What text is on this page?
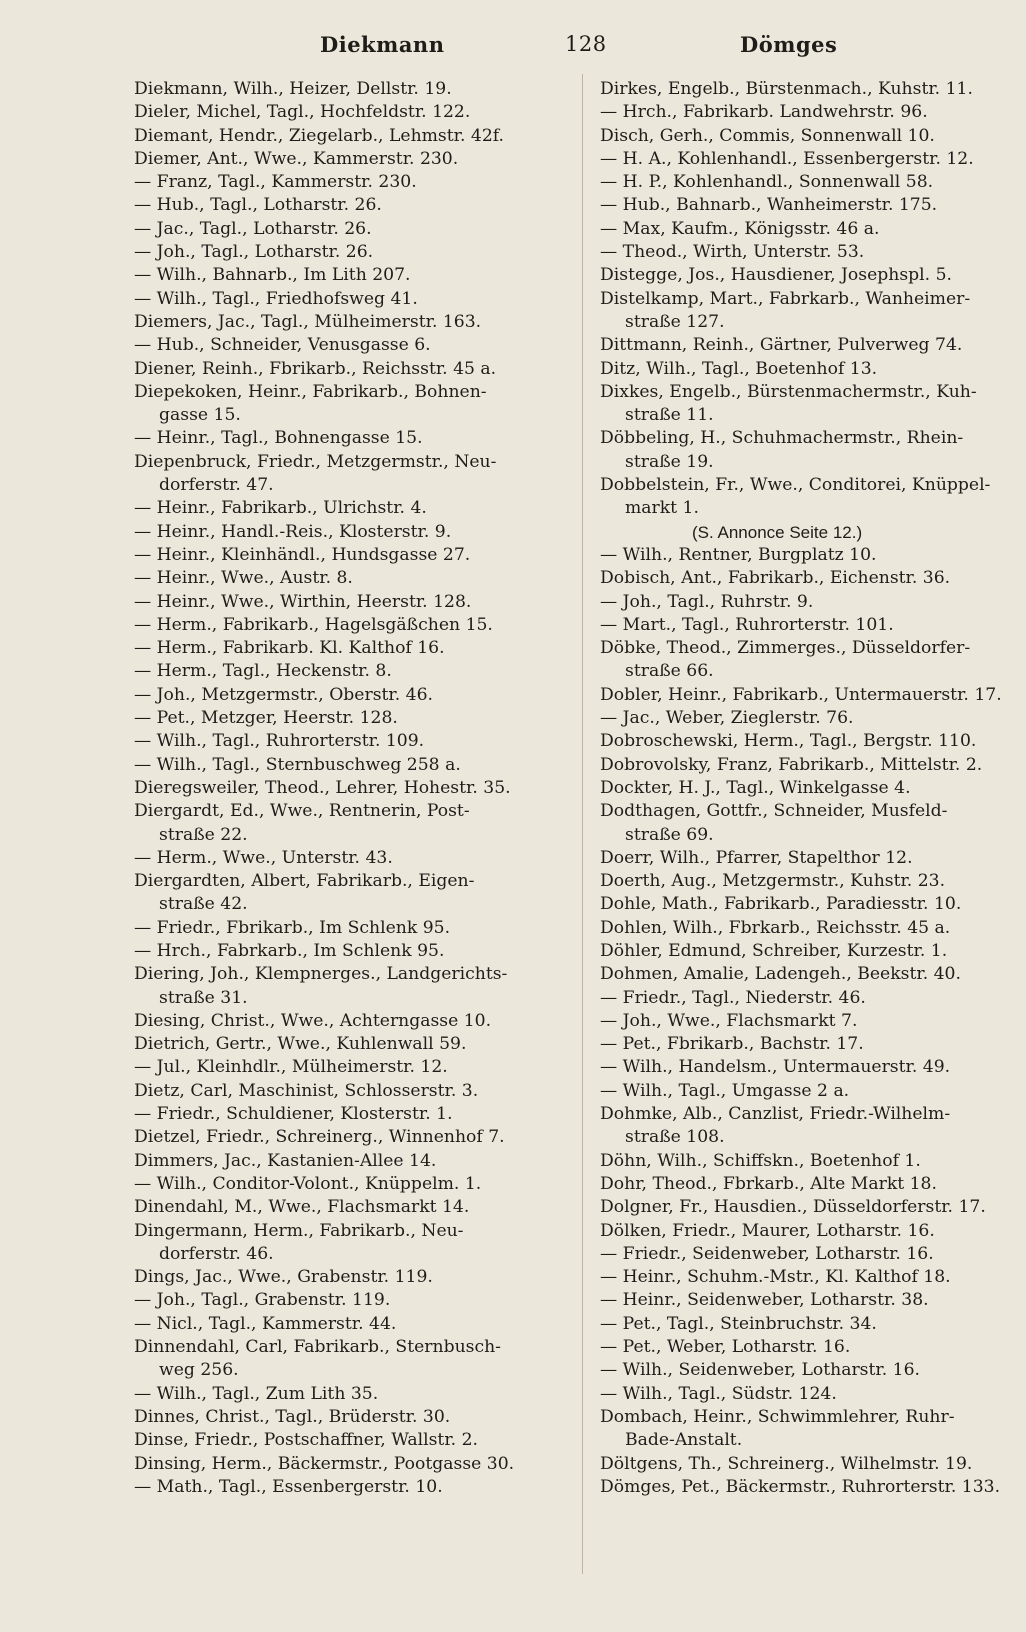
Diekmann	128	Dömges
Diekmann, Wilh., Heizer, Dellstr. 19.
Dieler, Michel, Tagl., Hochfeldstr. 122.
Diemant, Hendr., Ziegelarb., Lehmstr. 42f.
Diemer, Ant., Wwe., Kammerstr. 230.
— Franz, Tagl., Kammerstr. 230.
— Hub., Tagl., Lotharstr. 26.
— Jac., Tagl., Lotharstr. 26.
— Joh., Tagl., Lotharstr. 26.
— Wilh., Bahnarb., Im Lith 207.
— Wilh., Tagl., Friedhofsweg 41.
Diemers, Jac., Tagl., Mülheimerstr. 163.
— Hub., Schneider, Venusgasse 6.
Diener, Reinh., Fbrikarb., Reichsstr. 45 a.
Diepekoken, Heinr., Fabrikarb., Bohnen-
gasse 15.
— Heinr., Tagl., Bohnengasse 15.
Diepenbruck, Friedr., Metzgermstr., Neu-
dorferstr. 47.
— Heinr., Fabrikarb., Ulrichstr. 4.
— Heinr., Handl.-Reis., Klosterstr. 9.
— Heinr., Kleinhändl., Hundsgasse 27.
— Heinr., Wwe., Austr. 8.
— Heinr., Wwe., Wirthin, Heerstr. 128.
— Herm., Fabrikarb., Hagelsgäßchen 15.
— Herm., Fabrikarb. Kl. Kalthof 16.
— Herm., Tagl., Heckenstr. 8.
— Joh., Metzgermstr., Oberstr. 46.
— Pet., Metzger, Heerstr. 128.
— Wilh., Tagl., Ruhrorterstr. 109.
— Wilh., Tagl., Sternbuschweg 258 a.
Dieregsweiler, Theod., Lehrer, Hohestr. 35.
Diergardt, Ed., Wwe., Rentnerin, Post-
straße 22.
— Herm., Wwe., Unterstr. 43.
Diergardten, Albert, Fabrikarb., Eigen-
straße 42.
— Friedr., Fbrikarb., Im Schlenk 95.
— Hrch., Fabrkarb., Im Schlenk 95.
Diering, Joh., Klempnerges., Landgerichts-
straße 31.
Diesing, Christ., Wwe., Achterngasse 10.
Dietrich, Gertr., Wwe., Kuhlenwall 59.
— Jul., Kleinhdlr., Mülheimerstr. 12.
Dietz, Carl, Maschinist, Schlosserstr. 3.
— Friedr., Schuldiener, Klosterstr. 1.
Dietzel, Friedr., Schreinerg., Winnenhof 7.
Dimmers, Jac., Kastanien-Allee 14.
— Wilh., Conditor-Volont., Knüppelm. 1.
Dinendahl, M., Wwe., Flachsmarkt 14.
Dingermann, Herm., Fabrikarb., Neu-
dorferstr. 46.
Dings, Jac., Wwe., Grabenstr. 119.
— Joh., Tagl., Grabenstr. 119.
— Nicl., Tagl., Kammerstr. 44.
Dinnendahl, Carl, Fabrikarb., Sternbusch-
weg 256.
— Wilh., Tagl., Zum Lith 35.
Dinnes, Christ., Tagl., Brüderstr. 30.
Dinse, Friedr., Postschaffner, Wallstr. 2.
Dinsing, Herm., Bäckermstr., Pootgasse 30.
— Math., Tagl., Essenbergerstr. 10.
Dirkes, Engelb., Bürstenmach., Kuhstr. 11.
— Hrch., Fabrikarb. Landwehrstr. 96.
Disch, Gerh., Commis, Sonnenwall 10.
— H. A., Kohlenhandl., Essenbergerstr. 12.
— H. P., Kohlenhandl., Sonnenwall 58.
— Hub., Bahnarb., Wanheimerstr. 175.
— Max, Kaufm., Königsstr. 46 a.
— Theod., Wirth, Unterstr. 53.
Distegge, Jos., Hausdiener, Josephspl. 5.
Distelkamp, Mart., Fabrkarb., Wanheimer-
straße 127.
Dittmann, Reinh., Gärtner, Pulverweg 74.
Ditz, Wilh., Tagl., Boetenhof 13.
Dixkes, Engelb., Bürstenmachermstr., Kuh-
straße 11.
Döbbeling, H., Schuhmachermstr., Rhein-
straße 19.
Dobbelstein, Fr., Wwe., Conditorei, Knüppel-
markt 1.
(S. Annonce Seite 12.)
— Wilh., Rentner, Burgplatz 10.
Dobisch, Ant., Fabrikarb., Eichenstr. 36.
— Joh., Tagl., Ruhrstr. 9.
— Mart., Tagl., Ruhrorterstr. 101.
Döbke, Theod., Zimmerges., Düsseldorfer-
straße 66.
Dobler, Heinr., Fabrikarb., Untermauerstr. 17.
— Jac., Weber, Zieglerstr. 76.
Dobroschewski, Herm., Tagl., Bergstr. 110.
Dobrovolsky, Franz, Fabrikarb., Mittelstr. 2.
Dockter, H. J., Tagl., Winkelgasse 4.
Dodthagen, Gottfr., Schneider, Musfeld-
straße 69.
Doerr, Wilh., Pfarrer, Stapelthor 12.
Doerth, Aug., Metzgermstr., Kuhstr. 23.
Dohle, Math., Fabrikarb., Paradiesstr. 10.
Dohlen, Wilh., Fbrkarb., Reichsstr. 45 a.
Döhler, Edmund, Schreiber, Kurzestr. 1.
Dohmen, Amalie, Ladengeh., Beekstr. 40.
— Friedr., Tagl., Niederstr. 46.
— Joh., Wwe., Flachsmarkt 7.
— Pet., Fbrikarb., Bachstr. 17.
— Wilh., Handelsm., Untermauerstr. 49.
— Wilh., Tagl., Umgasse 2 a.
Dohmke, Alb., Canzlist, Friedr.-Wilhelm-
straße 108.
Döhn, Wilh., Schiffskn., Boetenhof 1.
Dohr, Theod., Fbrkarb., Alte Markt 18.
Dolgner, Fr., Hausdien., Düsseldorferstr. 17.
Dölken, Friedr., Maurer, Lotharstr. 16.
— Friedr., Seidenweber, Lotharstr. 16.
— Heinr., Schuhm.-Mstr., Kl. Kalthof 18.
— Heinr., Seidenweber, Lotharstr. 38.
— Pet., Tagl., Steinbruchstr. 34.
— Pet., Weber, Lotharstr. 16.
— Wilh., Seidenweber, Lotharstr. 16.
— Wilh., Tagl., Südstr. 124.
Dombach, Heinr., Schwimmlehrer, Ruhr-
Bade-Anstalt.
Döltgens, Th., Schreinerg., Wilhelmstr. 19.
Dömges, Pet., Bäckermstr., Ruhrorterstr. 133.
